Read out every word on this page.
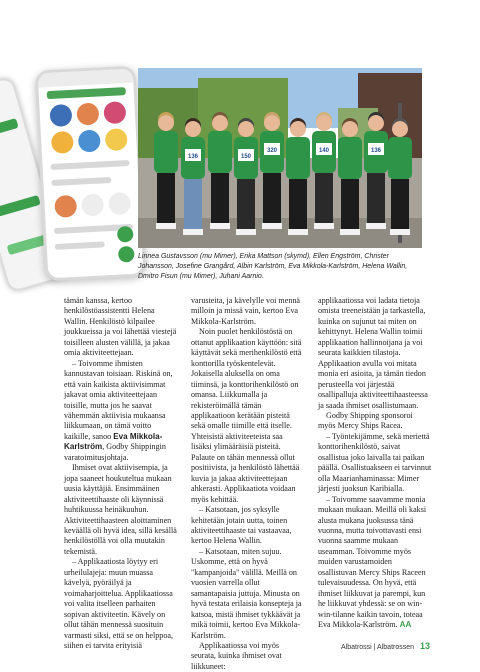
136	150
320	140	136
Linnea Gustavsson (mu Mimer), Erika Mattson (skymd), Ellen Engström, Christer Johansson, Josefine Grangård, Albin Karlström, Eva Mikkola-Karlström, Helena Wallin, Dmitro Fisun (mu Mimer), Juhani Aarnio.

tämän kanssa, kertoo henkilöstöassistentti Helena Wallin. Henkilöstö kilpailee joukkueissa ja voi lähettää viestejä toisilleen alusten välillä, ja jakaa omia aktiviteettejaan.

– Toivomme ihmisten kannustavan toisiaan. Riskinä on, että vain kaikista aktiivisimmat jakavat omia aktiviteettejaan toisille, mutta jos he saavat vähemmän aktiivisia mukaansa liikkumaan, on tämä voitto kaikille, sanoo Eva Mikkola-Karlström, Godby Shippingin varatoimitusjohtaja.

Ihmiset ovat aktiivisempia, ja jopa saaneet houkuteltua mukaan uusia käyttäjiä. Ensimmäinen aktiviteettihaaste oli käynnissä huhtikuussa heinäkuuhun. Aktiviteettihaasteen aloittaminen keväällä oli hyvä idea, sillä kesällä henkilöstöllä voi olla muutakin tekemistä.

– Applikaatiosta löytyy eri urheilulajeja: muun muassa kävelyä, pyöräilyä ja voimaharjoittelua. Applikaatiossa voi valita itselleen parhaiten sopivan aktiviteetin. Kävely on ollut tähän mennessä suosituin varmasti siksi, että se on helppoa, siihen ei tarvita erityisiä

varusteita, ja kävelylle voi mennä milloin ja missä vain, kertoo Eva Mikkola-Karlström.

Noin puolet henkilöstöstä on ottanut applikaation käyttöön: sitä käyttävät sekä merihenkilöstö että konttorilla työskentelevät. Jokaisella aluksella on oma tiiminsä, ja konttorihenkilöstö on omansa. Liikkumalla ja rekisteröimällä tämän applikaatioon kerätään pisteitä sekä omalle tiimille että itselle. Yhteisistä aktiviteeteista saa lisäksi ylimääräisiä pisteitä. Palaute on tähän mennessä ollut positiivista, ja henkilöstö lähettää kuvia ja jakaa aktiviteettejaan ahkerasti. Applikaatiota voidaan myös kehittää.

– Katsotaan, jos syksylle kehitetään jotain uutta, toinen aktiviteettihaaste tai vastaavaa, kertoo Helena Wallin.

– Katsotaan, miten sujuu. Uskomme, että on hyvä "kampanjoida" välillä. Meillä on vuosien varrella ollut samantapaisia juttuja. Minusta on hyvä testata erilaisia konsepteja ja katsoa, mistä ihmiset tykkäävät ja mikä toimii, kertoo Eva Mikkola-Karlström.

Applikaatiossa voi myös seurata, kuinka ihmiset ovat liikkuneet:

applikaatiossa voi ladata tietoja omista treeneistään ja tarkastella, kuinka on sujunut tai miten on kehittynyt. Helena Wallin toimii applikaation hallinnoijana ja voi seurata kaikkien tilastoja. Applikaation avulla voi mitata monia eri asioita, ja tämän tiedon perusteella voi järjestää osallipalluja aktiviteettihaasteessa ja saada ihmiset osallistumaan.

Godby Shipping sponsoroi myös Mercy Ships Racea.

– Työntekijämme, sekä meriettä konttorihenkilöstö, saivat osallistua joko laivalla tai paikan päällä. Osallistuakseen ei tarvinnut olla Maarianhaminassa: Mimer järjesti juoksun Karibialla.

– Toivomme saavamme monia mukaan mukaan. Meillä oli kaksi alusta mukana juoksussa tänä vuonna, mutta toivottavasti ensi vuonna saamme mukaan useamman. Toivomme myös muiden varustamoiden osallistuvan Mercy Ships Raceen tulevaisuudessa. On hyvä, että ihmiset liikkuvat ja parempi, kun he liikkuvat yhdessä: se on win-win-tilanne kaikin tavoin, toteaa Eva Mikkola-Karlström. AA

Albatrossi | Albatrossen 13
